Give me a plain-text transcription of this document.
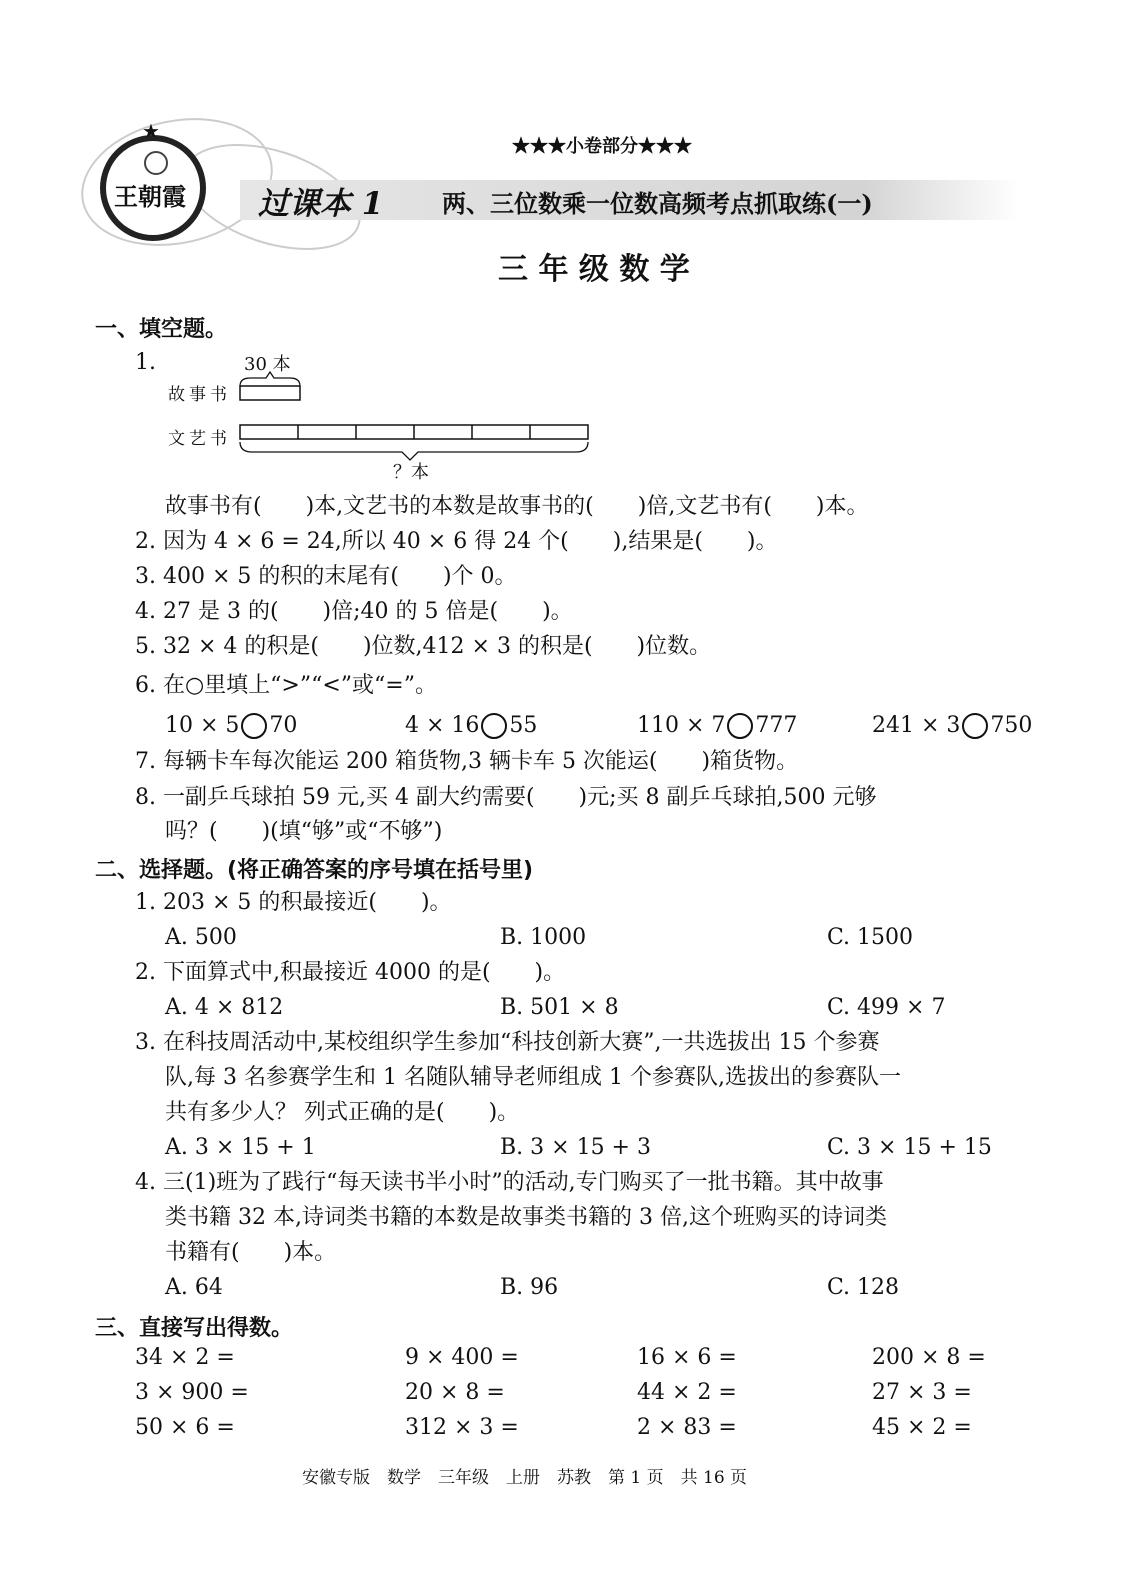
★
王朝霞
★★★小卷部分★★★
过课本 1 两、三位数乘一位数高频考点抓取练(一)
三 年 级 数 学
一、填空题。
1.	30 本
故事书
文艺书
？本
故事书有(　　)本,文艺书的本数是故事书的(　　)倍,文艺书有(　　)本。
2. 因为 4 × 6 = 24,所以 40 × 6 得 24 个(　　),结果是(　　)。
3. 400 × 5 的积的末尾有(　　)个 0。
4. 27 是 3 的(　　)倍;40 的 5 倍是(　　)。
5. 32 × 4 的积是(　　)位数,412 × 3 的积是(　　)位数。
6. 在○里填上“>”“<”或“=”。
10 × 5 70	4 × 16 55	110 × 7 777	241 × 3 750
7. 每辆卡车每次能运 200 箱货物,3 辆卡车 5 次能运(　　)箱货物。
8. 一副乒乓球拍 59 元,买 4 副大约需要(　　)元;买 8 副乒乓球拍,500 元够
吗？(　　)(填“够”或“不够”)
二、选择题。(将正确答案的序号填在括号里)
1. 203 × 5 的积最接近(　　)。
A. 500	B. 1000	C. 1500
2. 下面算式中,积最接近 4000 的是(　　)。
A. 4 × 812	B. 501 × 8	C. 499 × 7
3. 在科技周活动中,某校组织学生参加“科技创新大赛”,一共选拔出 15 个参赛
队,每 3 名参赛学生和 1 名随队辅导老师组成 1 个参赛队,选拔出的参赛队一
共有多少人？ 列式正确的是(　　)。
A. 3 × 15 + 1	B. 3 × 15 + 3	C. 3 × 15 + 15
4. 三(1)班为了践行“每天读书半小时”的活动,专门购买了一批书籍。其中故事
类书籍 32 本,诗词类书籍的本数是故事类书籍的 3 倍,这个班购买的诗词类
书籍有(　　)本。
A. 64	B. 96	C. 128
三、直接写出得数。
34 × 2 =	9 × 400 =	16 × 6 =	200 × 8 =
3 × 900 =	20 × 8 =	44 × 2 =	27 × 3 =
50 × 6 =	312 × 3 =	2 × 83 =	45 × 2 =
安徽专版　数学　三年级　上册　苏教　第 1 页　共 16 页
